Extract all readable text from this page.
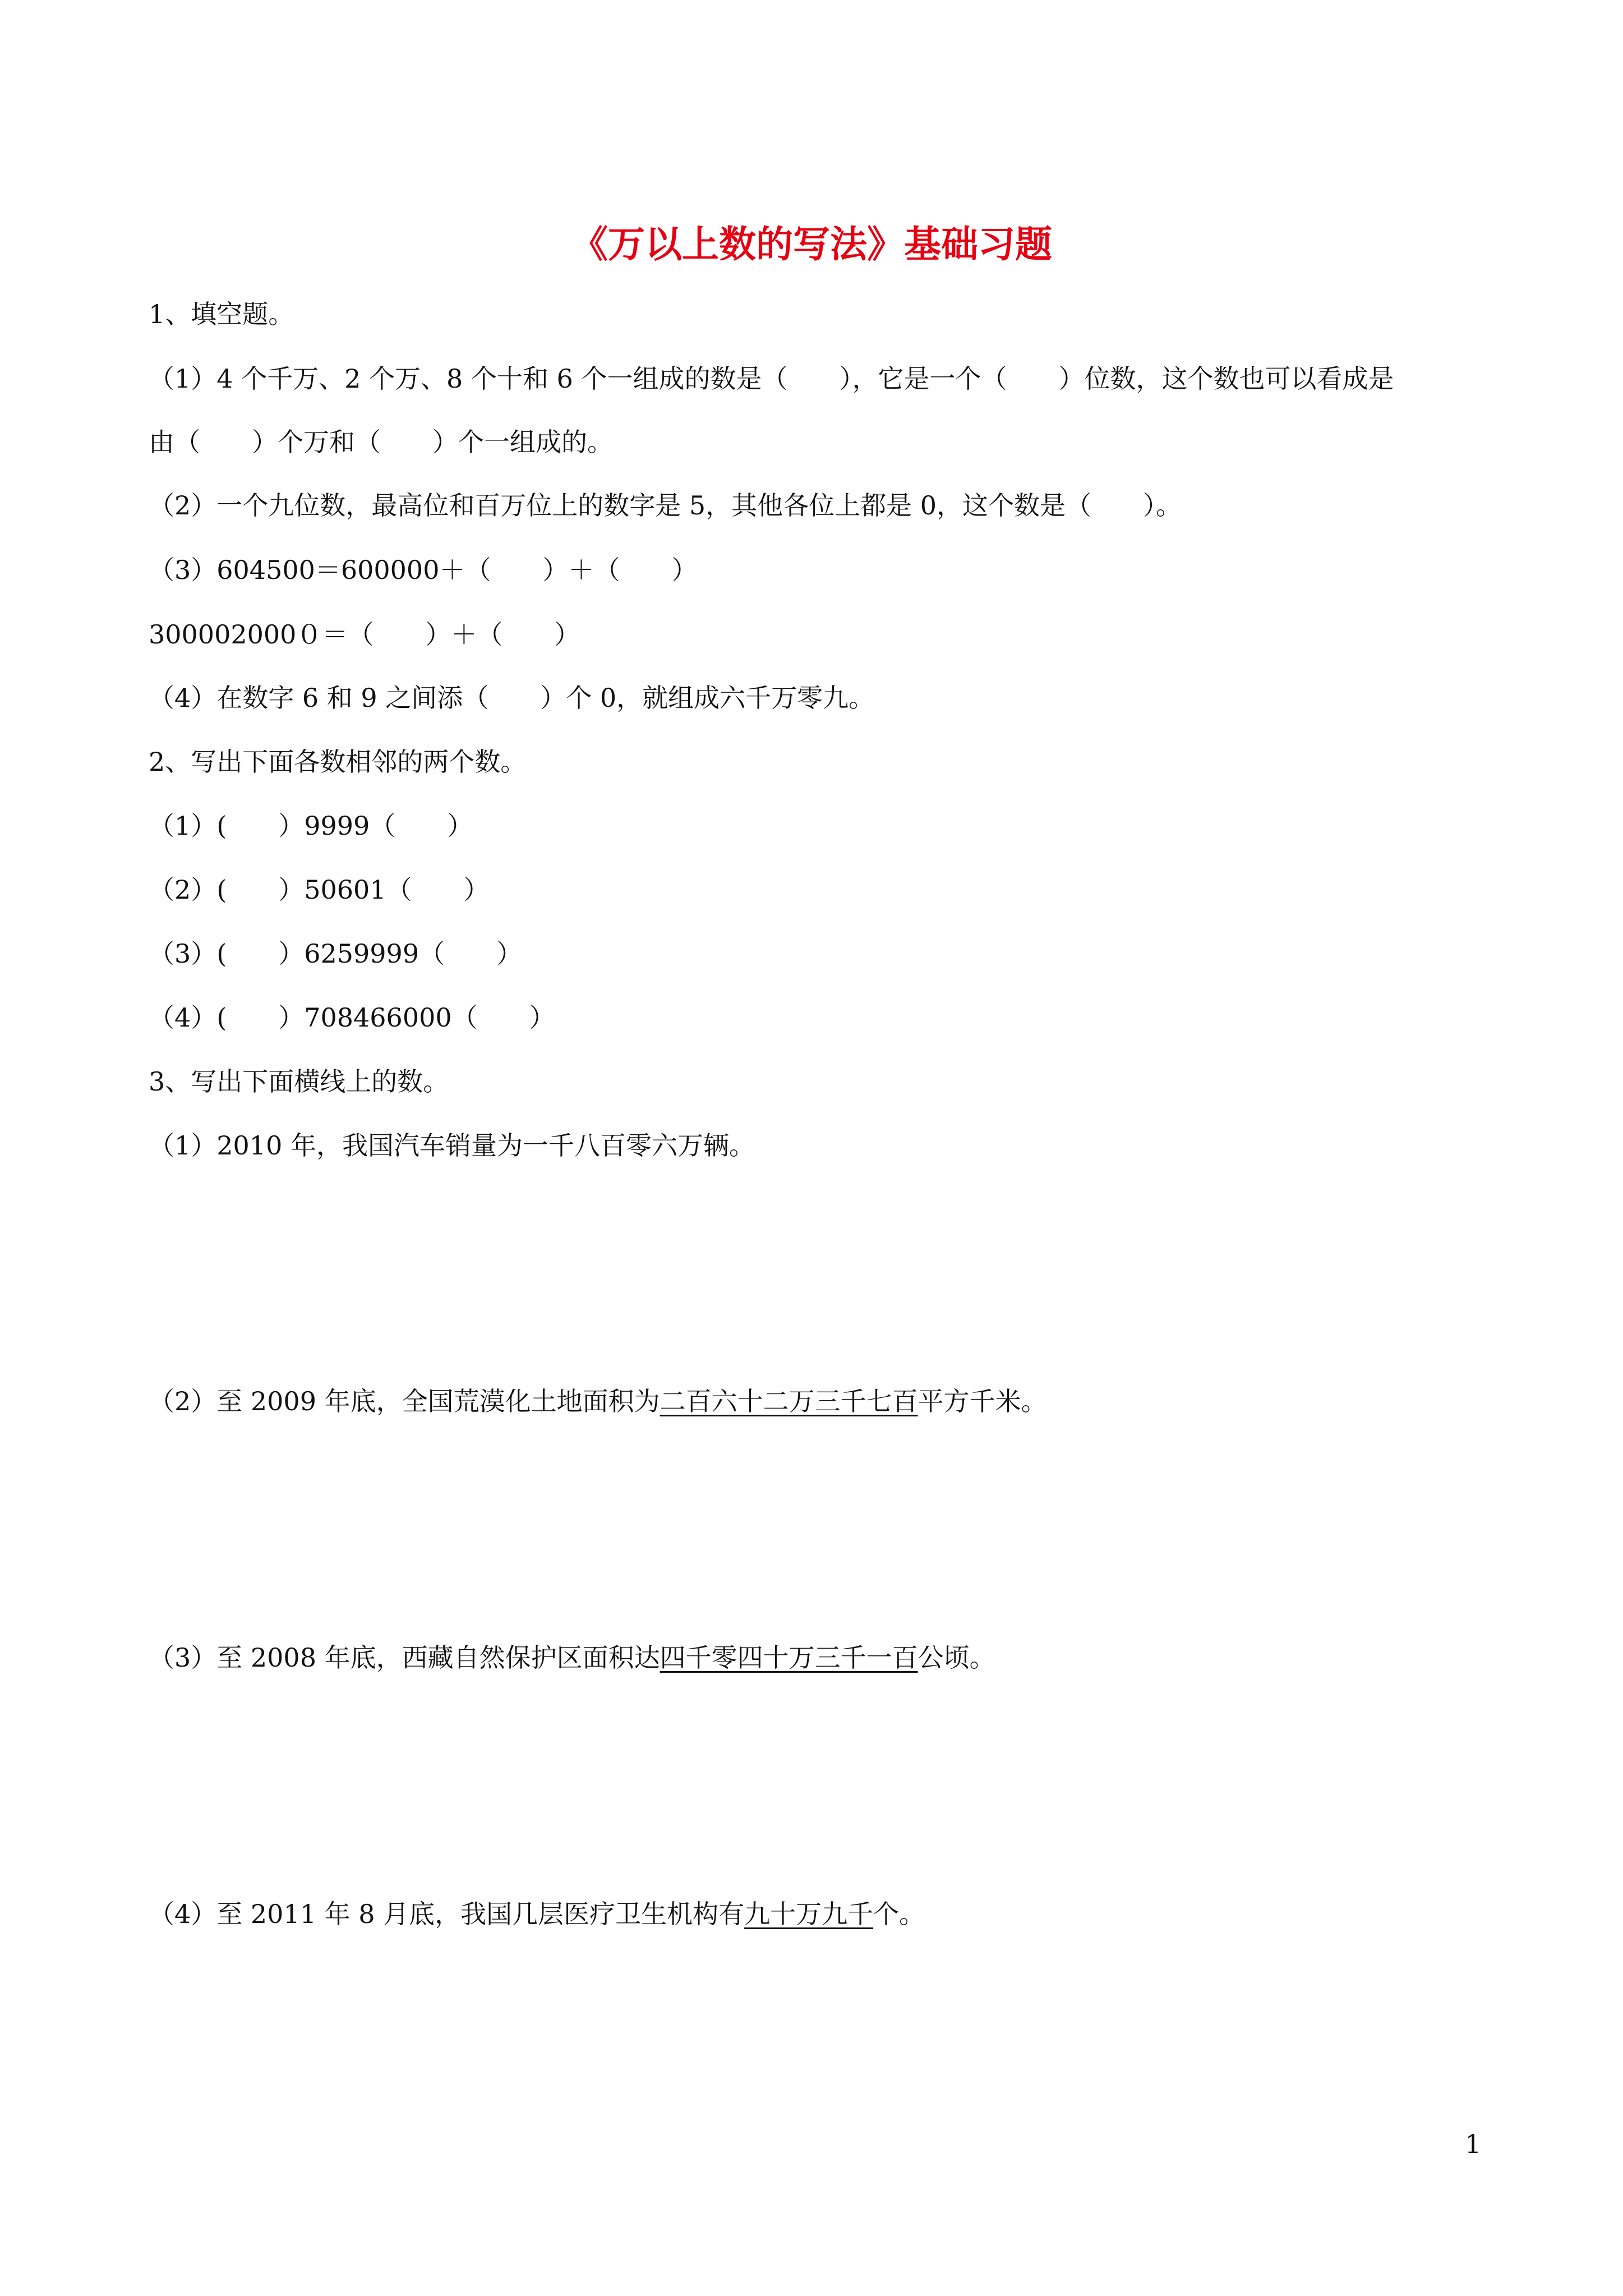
《万以上数的写法》基础习题
1、填空题。
（1）4 个千万、2 个万、8 个十和 6 个一组成的数是（　　），它是一个（　　）位数，这个数也可以看成是
由（　　）个万和（　　）个一组成的。
（2）一个九位数，最高位和百万位上的数字是 5，其他各位上都是 0，这个数是（　　）。
（3）604500＝600000＋（　　）＋（　　）
300002000０＝（　　）＋（　　）
（4）在数字 6 和 9 之间添（　　）个 0，就组成六千万零九。
2、写出下面各数相邻的两个数。
（1）(　　）9999（　　）
（2）(　　）50601（　　）
（3）(　　）6259999（　　）
（4）(　　）708466000（　　）
3、写出下面横线上的数。
（1）2010 年，我国汽车销量为一千八百零六万辆。
（2）至 2009 年底，全国荒漠化土地面积为二百六十二万三千七百平方千米。
（3）至 2008 年底，西藏自然保护区面积达四千零四十万三千一百公顷。
（4）至 2011 年 8 月底，我国几层医疗卫生机构有九十万九千个。
1
